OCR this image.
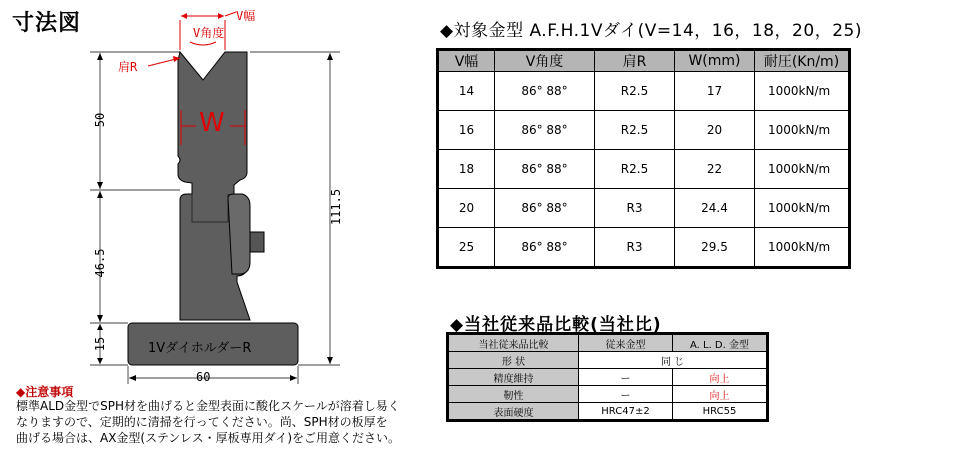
寸法図	V幅
V角度
肩R
W
50
46.5
15
111.5
60
1VダイホルダーR
◆注意事項
標準ALD金型でSPH材を曲げると金型表面に酸化スケールが溶着し易く
なりますので、定期的に清掃を行ってください。尚、SPH材の板厚を
曲げる場合は、AX金型(ステンレス・厚板専用ダイ)をご用意ください。
◆対象金型 A.F.H.1Vダイ(V=14，16，18，20，25)
V幅	V角度	肩R	W(mm)	耐圧(Kn/m)
14	86° 88°	R2.5	17	1000kN/m
16	86° 88°	R2.5	20	1000kN/m
18	86° 88°	R2.5	22	1000kN/m
20	86° 88°	R3	24.4	1000kN/m
25	86° 88°	R3	29.5	1000kN/m
◆当社従来品比較(当社比)
当社従来品比較	従来金型	A. L. D. 金型
形 状	同 じ	
精度維持	ー	向上
靭性	ー	向上
表面硬度	HRC47±2	HRC55
